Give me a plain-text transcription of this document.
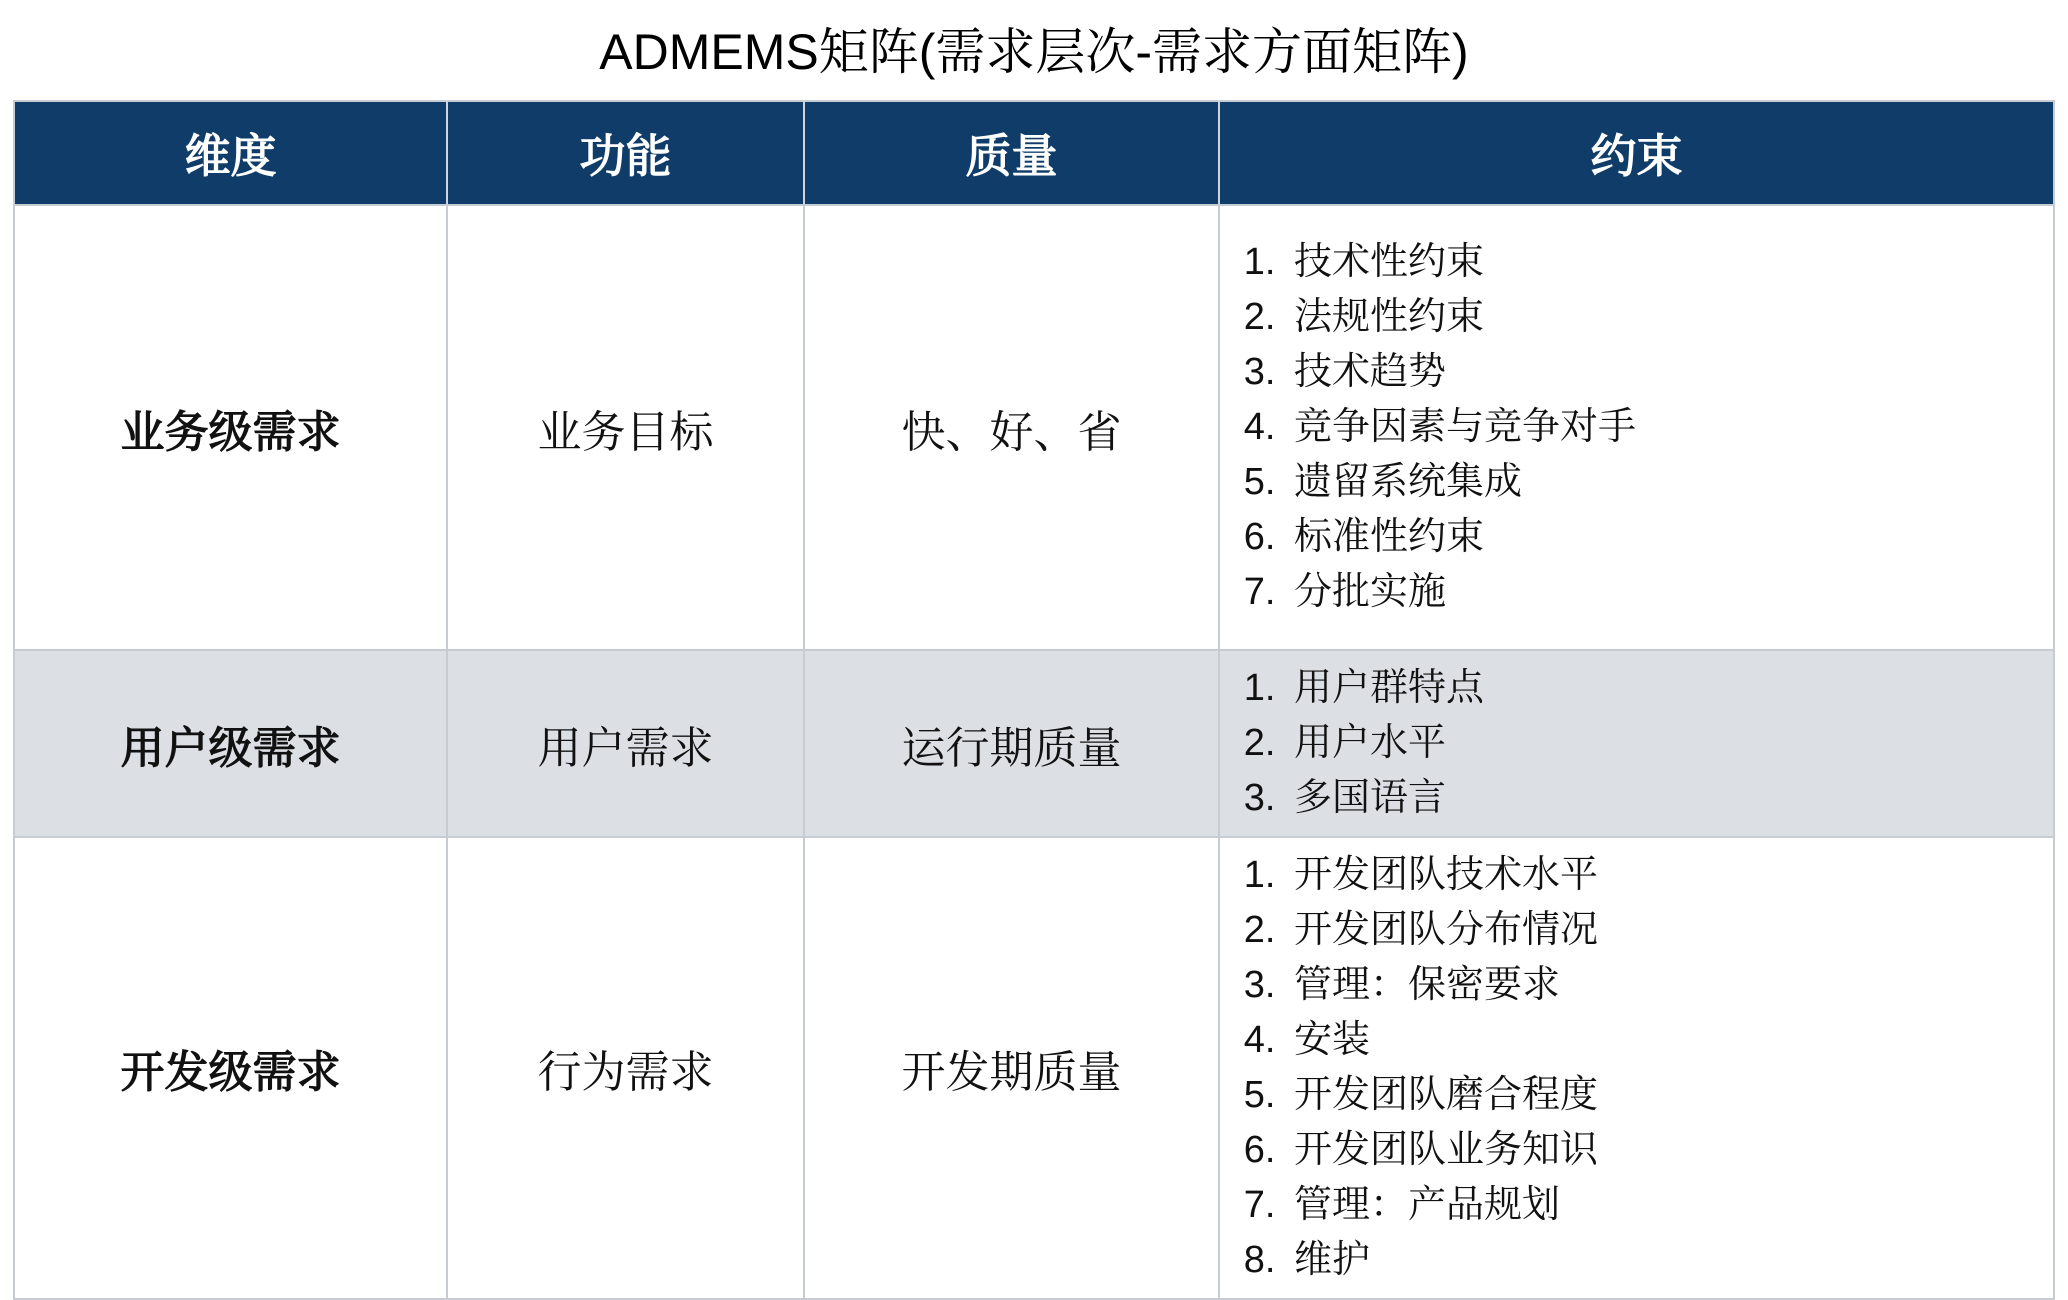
ADMEMS矩阵(需求层次-需求方面矩阵)
维度	功能	质量	约束
业务级需求	业务目标	快、好、省	
1. 技术性约束
2. 法规性约束
3. 技术趋势
4. 竞争因素与竞争对手
5. 遗留系统集成
6. 标准性约束
7. 分批实施

用户级需求	用户需求	运行期质量	
1. 用户群特点
2. 用户水平
3. 多国语言

开发级需求	行为需求	开发期质量	
1. 开发团队技术水平
2. 开发团队分布情况
3. 管理：保密要求
4. 安装
5. 开发团队磨合程度
6. 开发团队业务知识
7. 管理：产品规划
8. 维护
